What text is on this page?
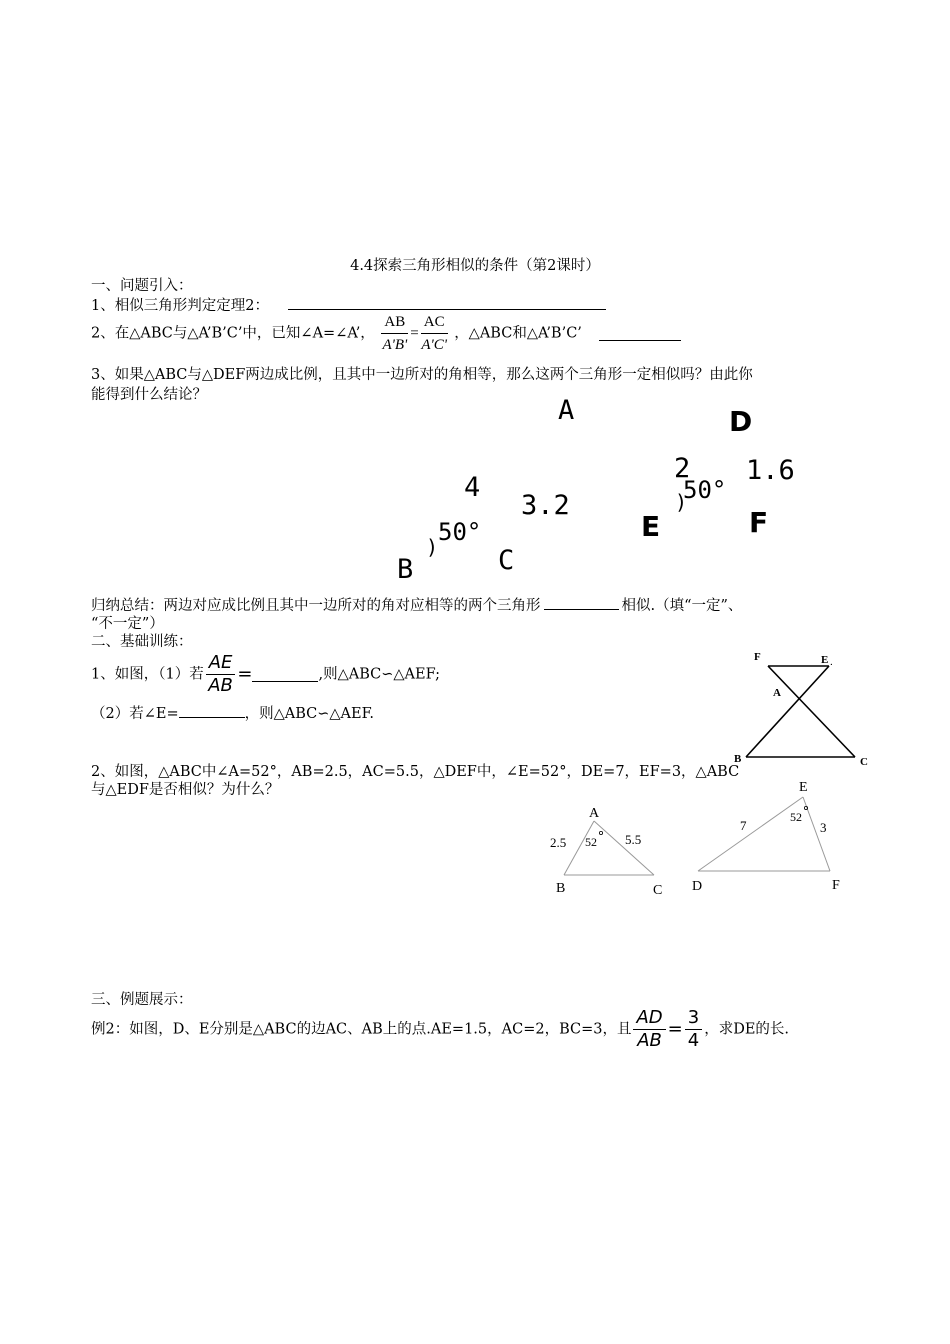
4.4探索三角形相似的条件（第2课时）
一、问题引入：
1、相似三角形判定定理2：
2、在△ABC与△A’B’C’中，已知∠A=∠A’， $\frac{AB}{A'B'} = \frac{AC}{A'C'}$ ，△ABC和△A’B’C’
3、如果△ABC与△DEF两边成比例，且其中一边所对的角相等，那么这两个三角形一定相似吗？由此你
能得到什么结论？	A	D
2 1.6
50°
4
3.2	)
E	F
50°
) C
B
归纳总结：两边对应成比例且其中一边所对的角对应相等的两个三角形	相似.（填“一定”、
“不一定”）
二、基础训练：
1、如图，（1）若 $\frac{AE}{AB}$ =	,则△ABC∽△AEF;
（2）若∠E=	，则△ABC∽△AEF.
F	E .
A
B	C
2、如图，△ABC中∠A=52°，AB=2.5，AC=5.5，△DEF中，∠E=52°，DE=7，EF=3，△ABC
与△EDF是否相似？为什么？
A
2.5	5.5
52
B	C
E
7	3
52
D	F
三、例题展示：
例2：如图，D、E分别是△ABC的边AC、AB上的点.AE=1.5，AC=2，BC=3，且 $\frac{AD}{AB} = \frac{3}{4}$ ，求DE的长.
